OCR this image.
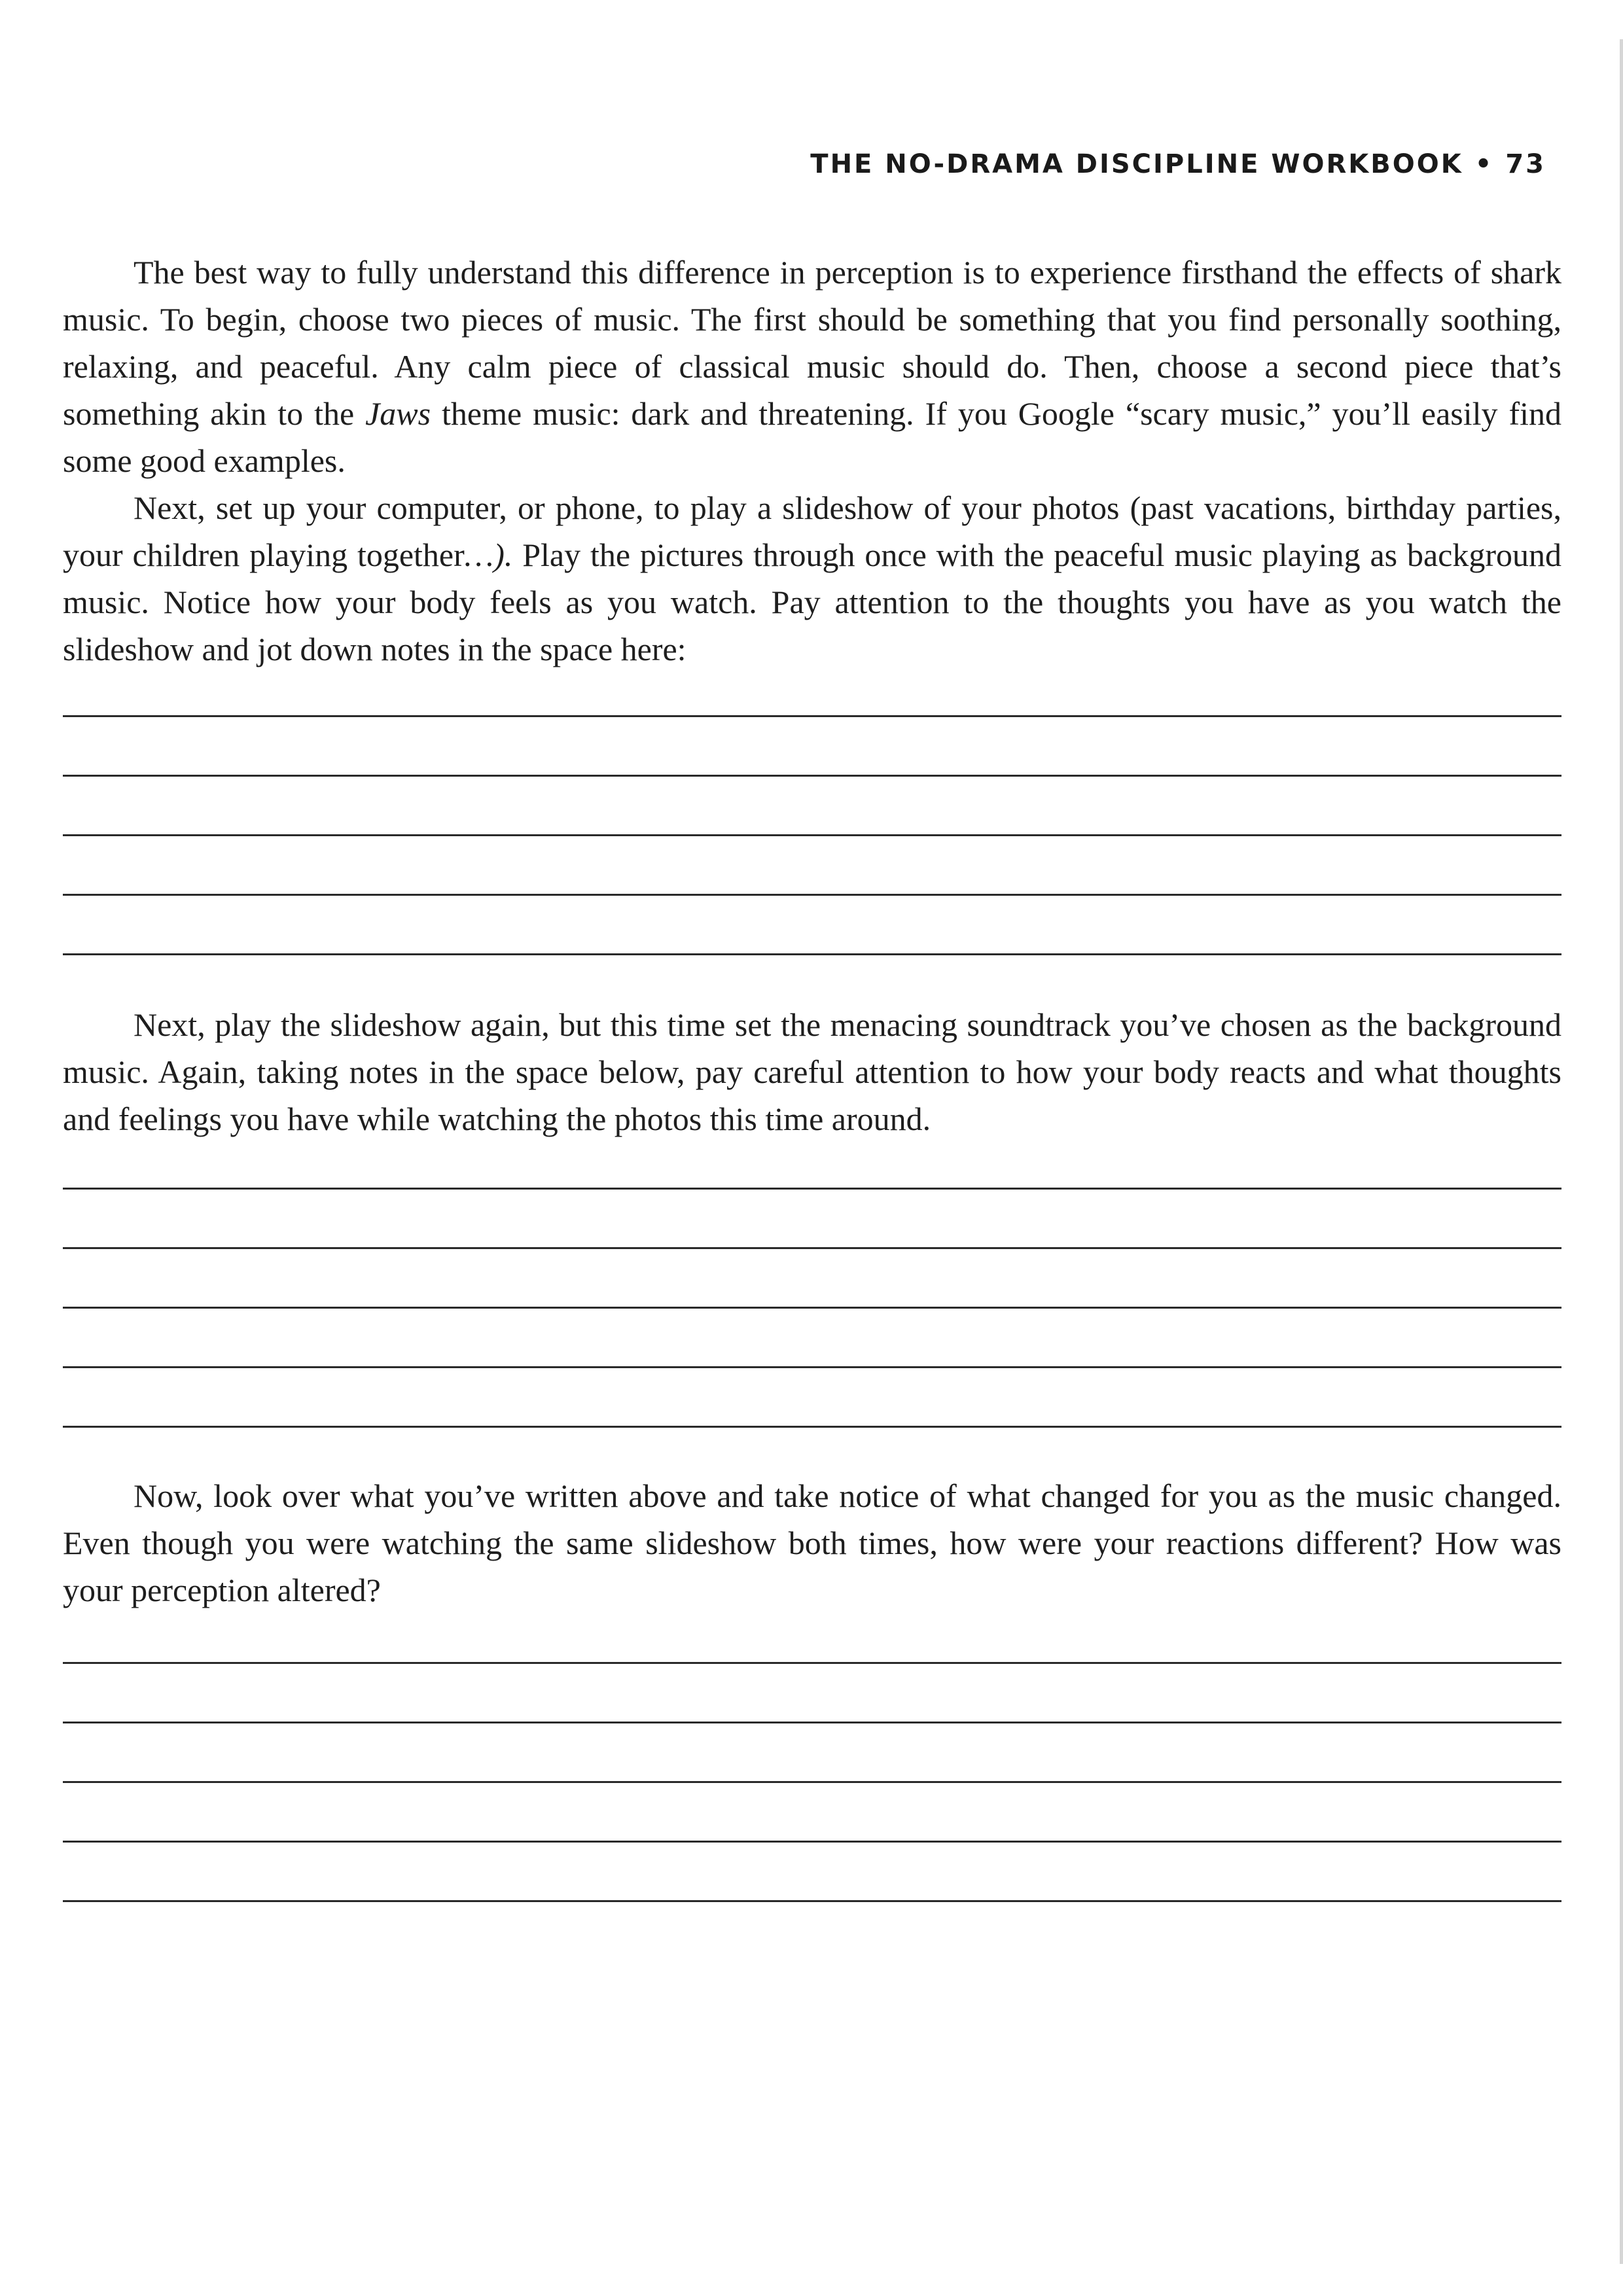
THE NO-DRAMA DISCIPLINE WORKBOOK • 73

The best way to fully understand this difference in perception is to experience firsthand the effects of shark music. To begin, choose two pieces of music. The first should be something that you find personally soothing, relaxing, and peaceful. Any calm piece of classical music should do. Then, choose a second piece that’s something akin to the Jaws theme music: dark and threatening. If you Google “scary music,” you’ll easily find some good examples.

Next, set up your computer, or phone, to play a slideshow of your photos (past vacations, birthday parties, your children playing together…). Play the pictures through once with the peaceful music playing as background music. Notice how your body feels as you watch. Pay attention to the thoughts you have as you watch the slideshow and jot down notes in the space here:

Next, play the slideshow again, but this time set the menacing soundtrack you’ve chosen as the background music. Again, taking notes in the space below, pay careful attention to how your body reacts and what thoughts and feelings you have while watching the photos this time around.

Now, look over what you’ve written above and take notice of what changed for you as the music changed. Even though you were watching the same slideshow both times, how were your reactions different? How was your perception altered?
